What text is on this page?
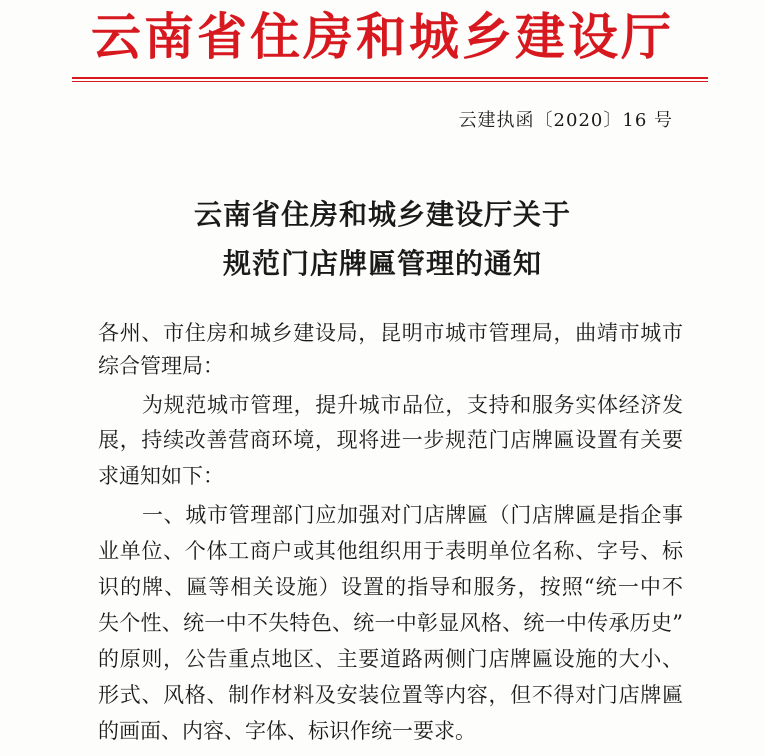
云南省住房和城乡建设厅
云建执函〔2020〕16 号
云南省住房和城乡建设厅关于
规范门店牌匾管理的通知
各州、市住房和城乡建设局，昆明市城市管理局，曲靖市城市
综合管理局：
为规范城市管理，提升城市品位，支持和服务实体经济发
展，持续改善营商环境，现将进一步规范门店牌匾设置有关要
求通知如下：
一、城市管理部门应加强对门店牌匾（门店牌匾是指企事
业单位、个体工商户或其他组织用于表明单位名称、字号、标
识的牌、匾等相关设施）设置的指导和服务，按照“统一中不
失个性、统一中不失特色、统一中彰显风格、统一中传承历史”
的原则，公告重点地区、主要道路两侧门店牌匾设施的大小、
形式、风格、制作材料及安装位置等内容，但不得对门店牌匾
的画面、内容、字体、标识作统一要求。
